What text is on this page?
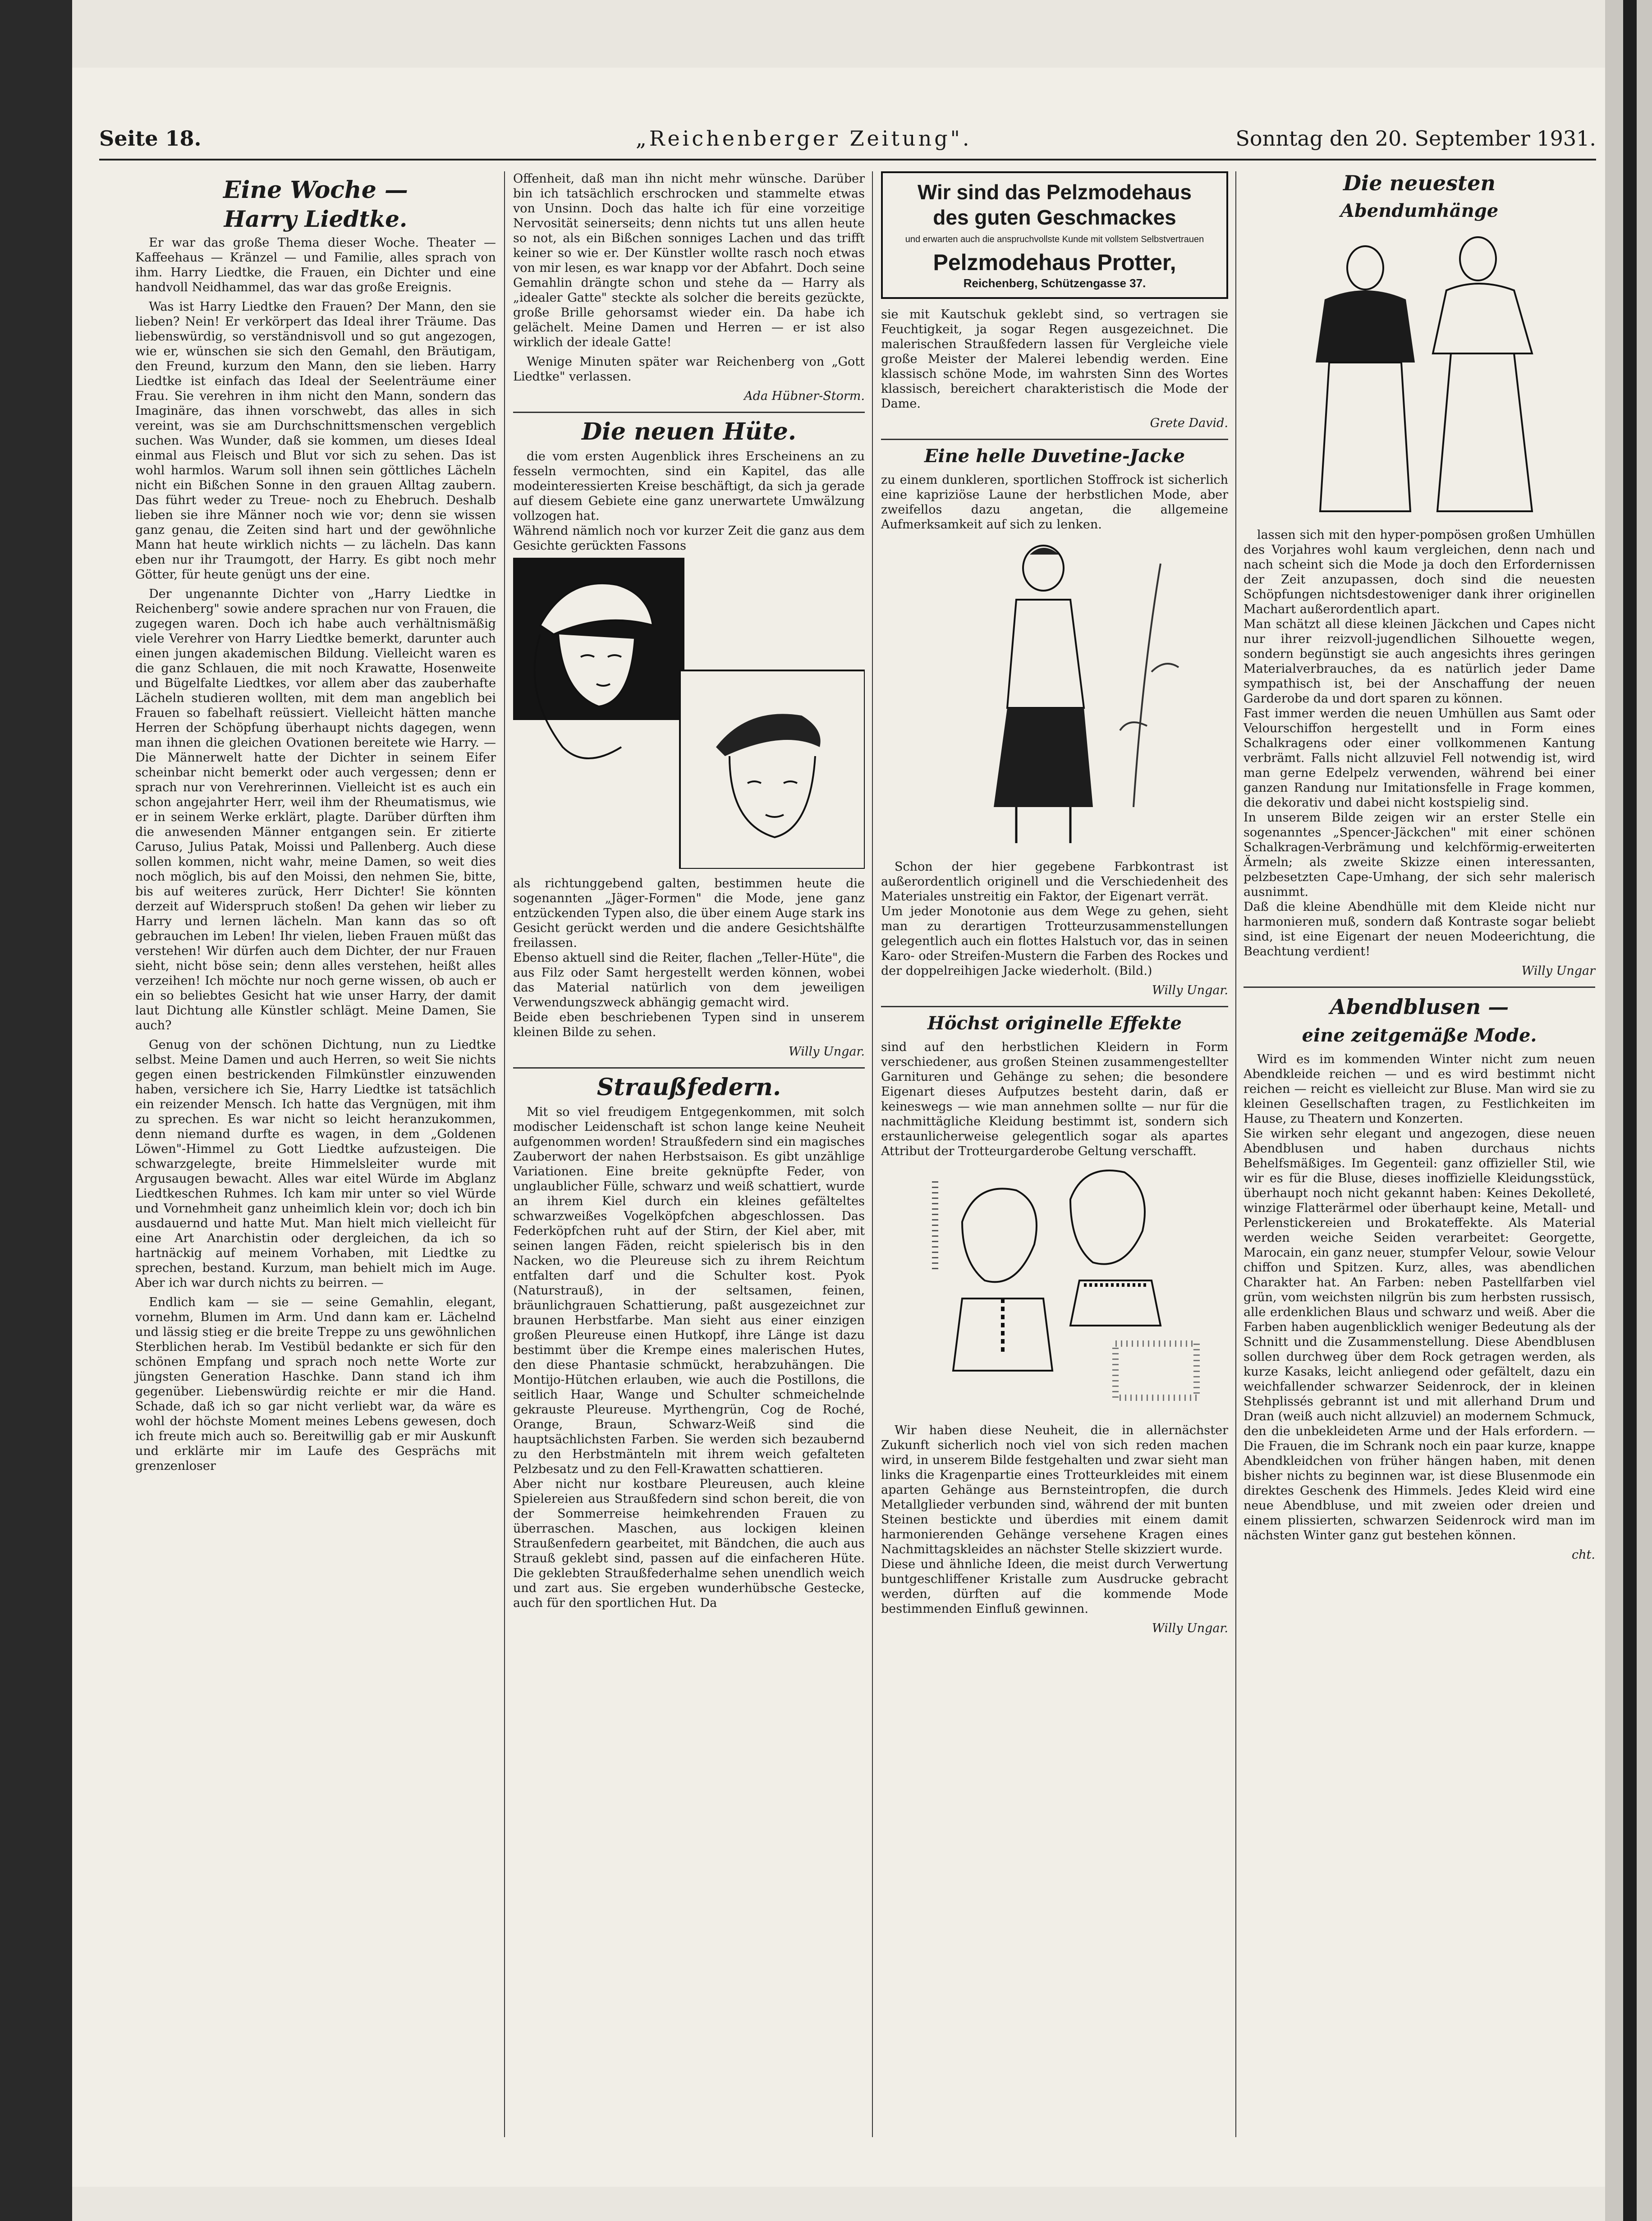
Seite 18.	„Reichenberger Zeitung".	Sonntag den 20. September 1931.
Eine Woche —
Harry Liedtke.

Er war das große Thema dieser Woche. Theater — Kaffeehaus — Kränzel — und Familie, alles sprach von ihm. Harry Liedtke, die Frauen, ein Dichter und eine handvoll Neidhammel, das war das große Ereignis.

Was ist Harry Liedtke den Frauen? Der Mann, den sie lieben? Nein! Er verkörpert das Ideal ihrer Träume. Das liebenswürdig, so verständnisvoll und so gut angezogen, wie er, wünschen sie sich den Gemahl, den Bräutigam, den Freund, kurzum den Mann, den sie lieben. Harry Liedtke ist einfach das Ideal der Seelenträume einer Frau. Sie verehren in ihm nicht den Mann, sondern das Imaginäre, das ihnen vorschwebt, das alles in sich vereint, was sie am Durchschnittsmenschen vergeblich suchen. Was Wunder, daß sie kommen, um dieses Ideal einmal aus Fleisch und Blut vor sich zu sehen. Das ist wohl harmlos. Warum soll ihnen sein göttliches Lächeln nicht ein Bißchen Sonne in den grauen Alltag zaubern. Das führt weder zu Treue- noch zu Ehebruch. Deshalb lieben sie ihre Männer noch wie vor; denn sie wissen ganz genau, die Zeiten sind hart und der gewöhnliche Mann hat heute wirklich nichts — zu lächeln. Das kann eben nur ihr Traumgott, der Harry. Es gibt noch mehr Götter, für heute genügt uns der eine.

Der ungenannte Dichter von „Harry Liedtke in Reichenberg" sowie andere sprachen nur von Frauen, die zugegen waren. Doch ich habe auch verhältnismäßig viele Verehrer von Harry Liedtke bemerkt, darunter auch einen jungen akademischen Bildung. Vielleicht waren es die ganz Schlauen, die mit noch Krawatte, Hosenweite und Bügelfalte Liedtkes, vor allem aber das zauberhafte Lächeln studieren wollten, mit dem man angeblich bei Frauen so fabelhaft reüssiert. Vielleicht hätten manche Herren der Schöpfung überhaupt nichts dagegen, wenn man ihnen die gleichen Ovationen bereitete wie Harry. — Die Männerwelt hatte der Dichter in seinem Eifer scheinbar nicht bemerkt oder auch vergessen; denn er sprach nur von Verehrerinnen. Vielleicht ist es auch ein schon angejahrter Herr, weil ihm der Rheumatismus, wie er in seinem Werke erklärt, plagte. Darüber dürften ihm die anwesenden Männer entgangen sein. Er zitierte Caruso, Julius Patak, Moissi und Pallenberg. Auch diese sollen kommen, nicht wahr, meine Damen, so weit dies noch möglich, bis auf den Moissi, den nehmen Sie, bitte, bis auf weiteres zurück, Herr Dichter! Sie könnten derzeit auf Widerspruch stoßen! Da gehen wir lieber zu Harry und lernen lächeln. Man kann das so oft gebrauchen im Leben! Ihr vielen, lieben Frauen müßt das verstehen! Wir dürfen auch dem Dichter, der nur Frauen sieht, nicht böse sein; denn alles verstehen, heißt alles verzeihen! Ich möchte nur noch gerne wissen, ob auch er ein so beliebtes Gesicht hat wie unser Harry, der damit laut Dichtung alle Künstler schlägt. Meine Damen, Sie auch?

Genug von der schönen Dichtung, nun zu Liedtke selbst. Meine Damen und auch Herren, so weit Sie nichts gegen einen bestrickenden Filmkünstler einzuwenden haben, versichere ich Sie, Harry Liedtke ist tatsächlich ein reizender Mensch. Ich hatte das Vergnügen, mit ihm zu sprechen. Es war nicht so leicht heranzukommen, denn niemand durfte es wagen, in dem „Goldenen Löwen"-Himmel zu Gott Liedtke aufzusteigen. Die schwarzgelegte, breite Himmelsleiter wurde mit Argusaugen bewacht. Alles war eitel Würde im Abglanz Liedtkeschen Ruhmes. Ich kam mir unter so viel Würde und Vornehmheit ganz unheimlich klein vor; doch ich bin ausdauernd und hatte Mut. Man hielt mich vielleicht für eine Art Anarchistin oder dergleichen, da ich so hartnäckig auf meinem Vorhaben, mit Liedtke zu sprechen, bestand. Kurzum, man behielt mich im Auge. Aber ich war durch nichts zu beirren. —

Endlich kam — sie — seine Gemahlin, elegant, vornehm, Blumen im Arm. Und dann kam er. Lächelnd und lässig stieg er die breite Treppe zu uns gewöhnlichen Sterblichen herab. Im Vestibül bedankte er sich für den schönen Empfang und sprach noch nette Worte zur jüngsten Generation Haschke. Dann stand ich ihm gegenüber. Liebenswürdig reichte er mir die Hand. Schade, daß ich so gar nicht verliebt war, da wäre es wohl der höchste Moment meines Lebens gewesen, doch ich freute mich auch so. Bereitwillig gab er mir Auskunft und erklärte mir im Laufe des Gesprächs mit grenzenloser

Offenheit, daß man ihn nicht mehr wünsche. Darüber bin ich tatsächlich erschrocken und stammelte etwas von Unsinn. Doch das halte ich für eine vorzeitige Nervosität seinerseits; denn nichts tut uns allen heute so not, als ein Bißchen sonniges Lachen und das trifft keiner so wie er. Der Künstler wollte rasch noch etwas von mir lesen, es war knapp vor der Abfahrt. Doch seine Gemahlin drängte schon und stehe da — Harry als „idealer Gatte" steckte als solcher die bereits gezückte, große Brille gehorsamst wieder ein. Da habe ich gelächelt. Meine Damen und Herren — er ist also wirklich der ideale Gatte!

Wenige Minuten später war Reichenberg von „Gott Liedtke" verlassen.

Ada Hübner-Storm.

Die neuen Hüte.

die vom ersten Augenblick ihres Erscheinens an zu fesseln vermochten, sind ein Kapitel, das alle modeinteressierten Kreise beschäftigt, da sich ja gerade auf diesem Gebiete eine ganz unerwartete Umwälzung vollzogen hat.
Während nämlich noch vor kurzer Zeit die ganz aus dem Gesichte gerückten Fassons

als richtunggebend galten, bestimmen heute die sogenannten „Jäger-Formen" die Mode, jene ganz entzückenden Typen also, die über einem Auge stark ins Gesicht gerückt werden und die andere Gesichtshälfte freilassen.
Ebenso aktuell sind die Reiter, flachen „Teller-Hüte", die aus Filz oder Samt hergestellt werden können, wobei das Material natürlich von dem jeweiligen Verwendungszweck abhängig gemacht wird.
Beide eben beschriebenen Typen sind in unserem kleinen Bilde zu sehen.

Willy Ungar.

Straußfedern.

Mit so viel freudigem Entgegenkommen, mit solch modischer Leidenschaft ist schon lange keine Neuheit aufgenommen worden! Straußfedern sind ein magisches Zauberwort der nahen Herbstsaison. Es gibt unzählige Variationen. Eine breite geknüpfte Feder, von unglaublicher Fülle, schwarz und weiß schattiert, wurde an ihrem Kiel durch ein kleines gefälteltes schwarzweißes Vogelköpfchen abgeschlossen. Das Federköpfchen ruht auf der Stirn, der Kiel aber, mit seinen langen Fäden, reicht spielerisch bis in den Nacken, wo die Pleureuse sich zu ihrem Reichtum entfalten darf und die Schulter kost. Pyok (Naturstrauß), in der seltsamen, feinen, bräunlichgrauen Schattierung, paßt ausgezeichnet zur braunen Herbstfarbe. Man sieht aus einer einzigen großen Pleureuse einen Hutkopf, ihre Länge ist dazu bestimmt über die Krempe eines malerischen Hutes, den diese Phantasie schmückt, herabzuhängen. Die Montijo-Hütchen erlauben, wie auch die Postillons, die seitlich Haar, Wange und Schulter schmeichelnde gekrauste Pleureuse. Myrthengrün, Cog de Roché, Orange, Braun, Schwarz-Weiß sind die hauptsächlichsten Farben. Sie werden sich bezaubernd zu den Herbstmänteln mit ihrem weich gefalteten Pelzbesatz und zu den Fell-Krawatten schattieren.
Aber nicht nur kostbare Pleureusen, auch kleine Spielereien aus Straußfedern sind schon bereit, die von der Sommerreise heimkehrenden Frauen zu überraschen. Maschen, aus lockigen kleinen Straußenfedern gearbeitet, mit Bändchen, die auch aus Strauß geklebt sind, passen auf die einfacheren Hüte. Die geklebten Straußfederhalme sehen unendlich weich und zart aus. Sie ergeben wunderhübsche Gestecke, auch für den sportlichen Hut. Da

Wir sind das Pelzmodehaus
des guten Geschmackes
und erwarten auch die anspruchvollste Kunde mit vollstem Selbstvertrauen
Pelzmodehaus Protter,
Reichenberg, Schützengasse 37.

sie mit Kautschuk geklebt sind, so vertragen sie Feuchtigkeit, ja sogar Regen ausgezeichnet. Die malerischen Straußfedern lassen für Vergleiche viele große Meister der Malerei lebendig werden. Eine klassisch schöne Mode, im wahrsten Sinn des Wortes klassisch, bereichert charakteristisch die Mode der Dame.

Grete David.

Eine helle Duvetine-Jacke

zu einem dunkleren, sportlichen Stoffrock ist sicherlich eine kapriziöse Laune der herbstlichen Mode, aber zweifellos dazu angetan, die allgemeine Aufmerksamkeit auf sich zu lenken.

Schon der hier gegebene Farbkontrast ist außerordentlich originell und die Verschiedenheit des Materiales unstreitig ein Faktor, der Eigenart verrät.
Um jeder Monotonie aus dem Wege zu gehen, sieht man zu derartigen Trotteurzusammenstellungen gelegentlich auch ein flottes Halstuch vor, das in seinen Karo- oder Streifen-Mustern die Farben des Rockes und der doppelreihigen Jacke wiederholt. (Bild.)

Willy Ungar.

Höchst originelle Effekte

sind auf den herbstlichen Kleidern in Form verschiedener, aus großen Steinen zusammengestellter Garnituren und Gehänge zu sehen; die besondere Eigenart dieses Aufputzes besteht darin, daß er keineswegs — wie man annehmen sollte — nur für die nachmittägliche Kleidung bestimmt ist, sondern sich erstaunlicherweise gelegentlich sogar als apartes Attribut der Trotteurgarderobe Geltung verschafft.

Wir haben diese Neuheit, die in allernächster Zukunft sicherlich noch viel von sich reden machen wird, in unserem Bilde festgehalten und zwar sieht man links die Kragenpartie eines Trotteurkleides mit einem aparten Gehänge aus Bernsteintropfen, die durch Metallglieder verbunden sind, während der mit bunten Steinen bestickte und überdies mit einem damit harmonierenden Gehänge versehene Kragen eines Nachmittagskleides an nächster Stelle skizziert wurde.
Diese und ähnliche Ideen, die meist durch Verwertung buntgeschliffener Kristalle zum Ausdrucke gebracht werden, dürften auf die kommende Mode bestimmenden Einfluß gewinnen.

Willy Ungar.

Die neuesten
Abendumhänge

lassen sich mit den hyper-pompösen großen Umhüllen des Vorjahres wohl kaum vergleichen, denn nach und nach scheint sich die Mode ja doch den Erfordernissen der Zeit anzupassen, doch sind die neuesten Schöpfungen nichtsdestoweniger dank ihrer originellen Machart außerordentlich apart.
Man schätzt all diese kleinen Jäckchen und Capes nicht nur ihrer reizvoll-jugendlichen Silhouette wegen, sondern begünstigt sie auch angesichts ihres geringen Materialverbrauches, da es natürlich jeder Dame sympathisch ist, bei der Anschaffung der neuen Garderobe da und dort sparen zu können.
Fast immer werden die neuen Umhüllen aus Samt oder Velourschiffon hergestellt und in Form eines Schalkragens oder einer vollkommenen Kantung verbrämt. Falls nicht allzuviel Fell notwendig ist, wird man gerne Edelpelz verwenden, während bei einer ganzen Randung nur Imitationsfelle in Frage kommen, die dekorativ und dabei nicht kostspielig sind.
In unserem Bilde zeigen wir an erster Stelle ein sogenanntes „Spencer-Jäckchen" mit einer schönen Schalkragen-Verbrämung und kelchförmig-erweiterten Ärmeln; als zweite Skizze einen interessanten, pelzbesetzten Cape-Umhang, der sich sehr malerisch ausnimmt.
Daß die kleine Abendhülle mit dem Kleide nicht nur harmonieren muß, sondern daß Kontraste sogar beliebt sind, ist eine Eigenart der neuen Modeerichtung, die Beachtung verdient!

Willy Ungar

Abendblusen —
eine zeitgemäße Mode.

Wird es im kommenden Winter nicht zum neuen Abendkleide reichen — und es wird bestimmt nicht reichen — reicht es vielleicht zur Bluse. Man wird sie zu kleinen Gesellschaften tragen, zu Festlichkeiten im Hause, zu Theatern und Konzerten.
Sie wirken sehr elegant und angezogen, diese neuen Abendblusen und haben durchaus nichts Behelfsmäßiges. Im Gegenteil: ganz offizieller Stil, wie wir es für die Bluse, dieses inoffizielle Kleidungsstück, überhaupt noch nicht gekannt haben: Keines Dekolleté, winzige Flatterärmel oder überhaupt keine, Metall- und Perlenstickereien und Brokateffekte. Als Material werden weiche Seiden verarbeitet: Georgette, Marocain, ein ganz neuer, stumpfer Velour, sowie Velour chiffon und Spitzen. Kurz, alles, was abendlichen Charakter hat. An Farben: neben Pastellfarben viel grün, vom weichsten nilgrün bis zum herbsten russisch, alle erdenklichen Blaus und schwarz und weiß. Aber die Farben haben augenblicklich weniger Bedeutung als der Schnitt und die Zusammenstellung. Diese Abendblusen sollen durchweg über dem Rock getragen werden, als kurze Kasaks, leicht anliegend oder gefältelt, dazu ein weichfallender schwarzer Seidenrock, der in kleinen Stehplissés gebrannt ist und mit allerhand Drum und Dran (weiß auch nicht allzuviel) an modernem Schmuck, den die unbekleideten Arme und der Hals erfordern. — Die Frauen, die im Schrank noch ein paar kurze, knappe Abendkleidchen von früher hängen haben, mit denen bisher nichts zu beginnen war, ist diese Blusenmode ein direktes Geschenk des Himmels. Jedes Kleid wird eine neue Abendbluse, und mit zweien oder dreien und einem plissierten, schwarzen Seidenrock wird man im nächsten Winter ganz gut bestehen können.

cht.
